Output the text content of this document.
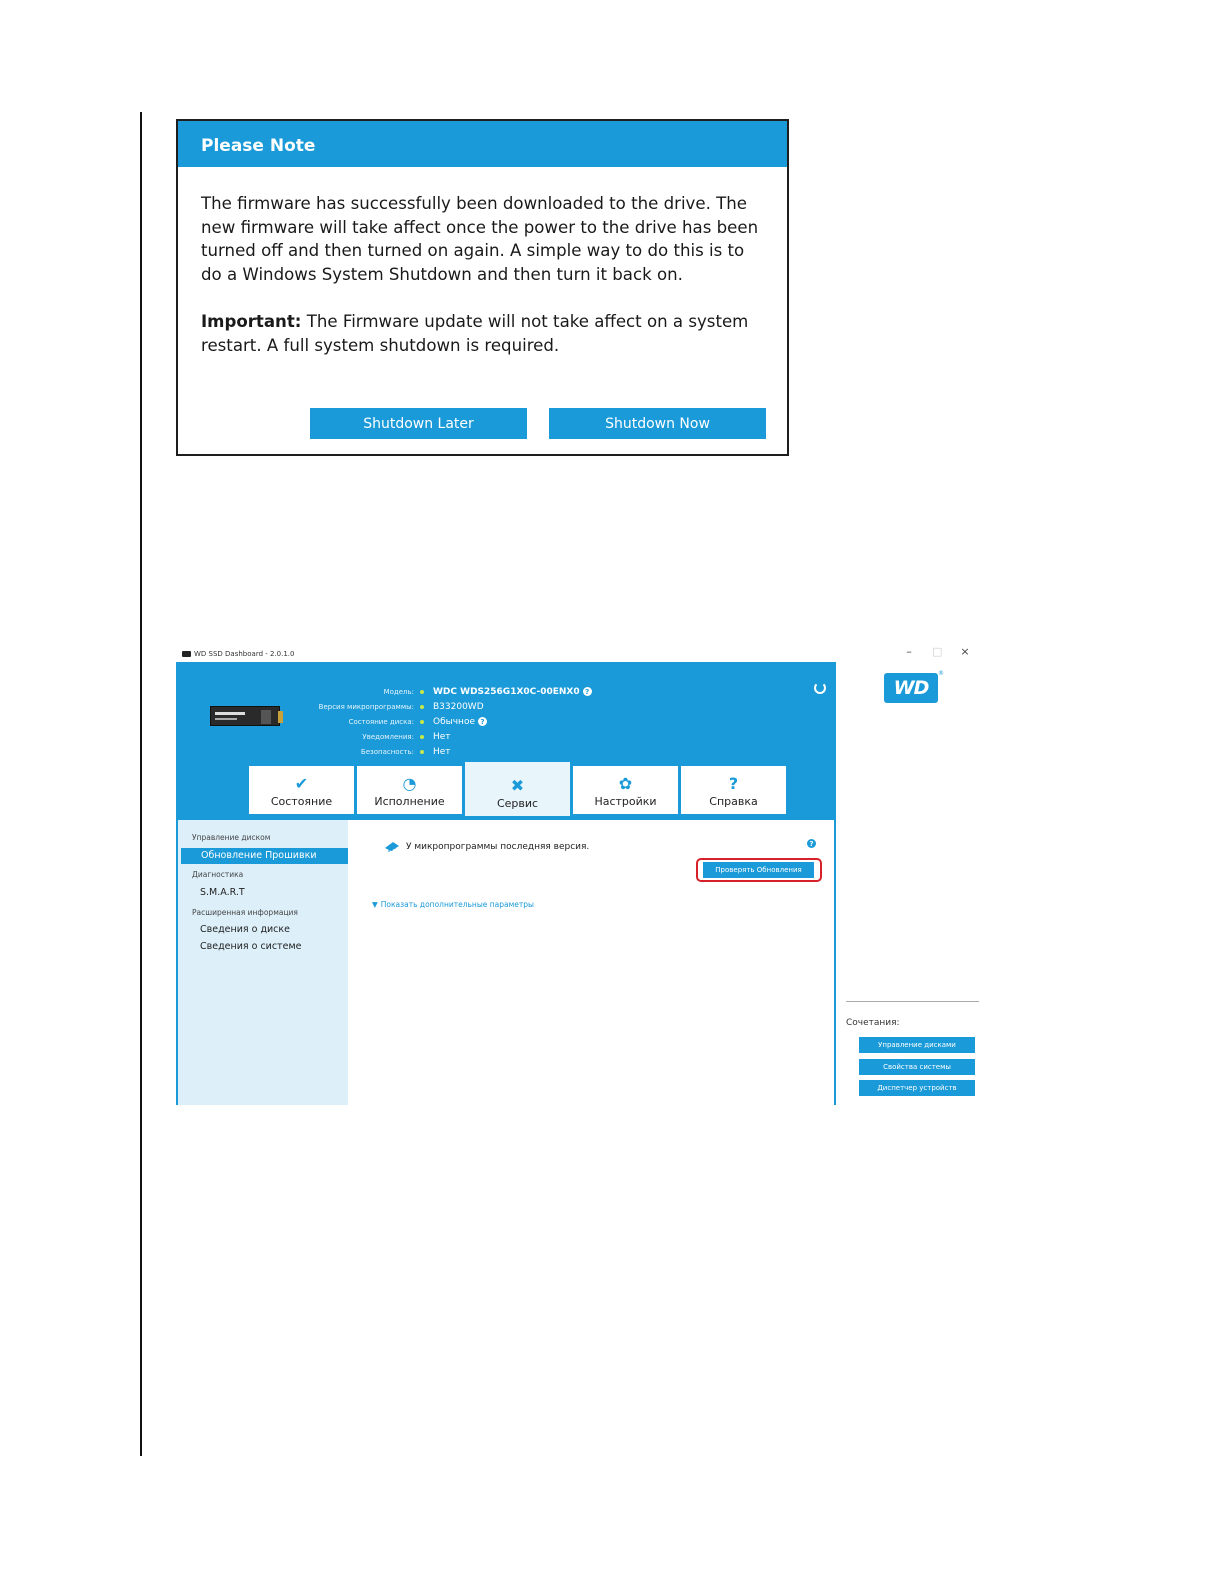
Please Note

The firmware has successfully been downloaded to the drive. The new firmware will take affect once the power to the drive has been turned off and then turned on again. A simple way to do this is to do a Windows System Shutdown and then turn it back on.

Important: The Firmware update will not take affect on a system restart. A full system shutdown is required.

Shutdown Later	Shutdown Now
WD SSD Dashboard - 2.0.1.0	– □ ×
Модель: WDC WDS256G1X0C-00ENX0 ?
Версия микропрограммы: B33200WD
Состояние диска: Обычное ?
Уведомления: Нет
Безопасность: Нет
✔
Состояние
◔
Исполнение
✖
Сервис
✿
Настройки
?
Справка
Управление диском
Обновление Прошивки
Диагностика
S.M.A.R.T
Расширенная информация
Сведения о диске
Сведения о системе
У микропрограммы последняя версия.	?
Проверять Обновления
▼ Показать дополнительные параметры
WD
®
Сочетания:
Управление дисками
Свойства системы
Диспетчер устройств
